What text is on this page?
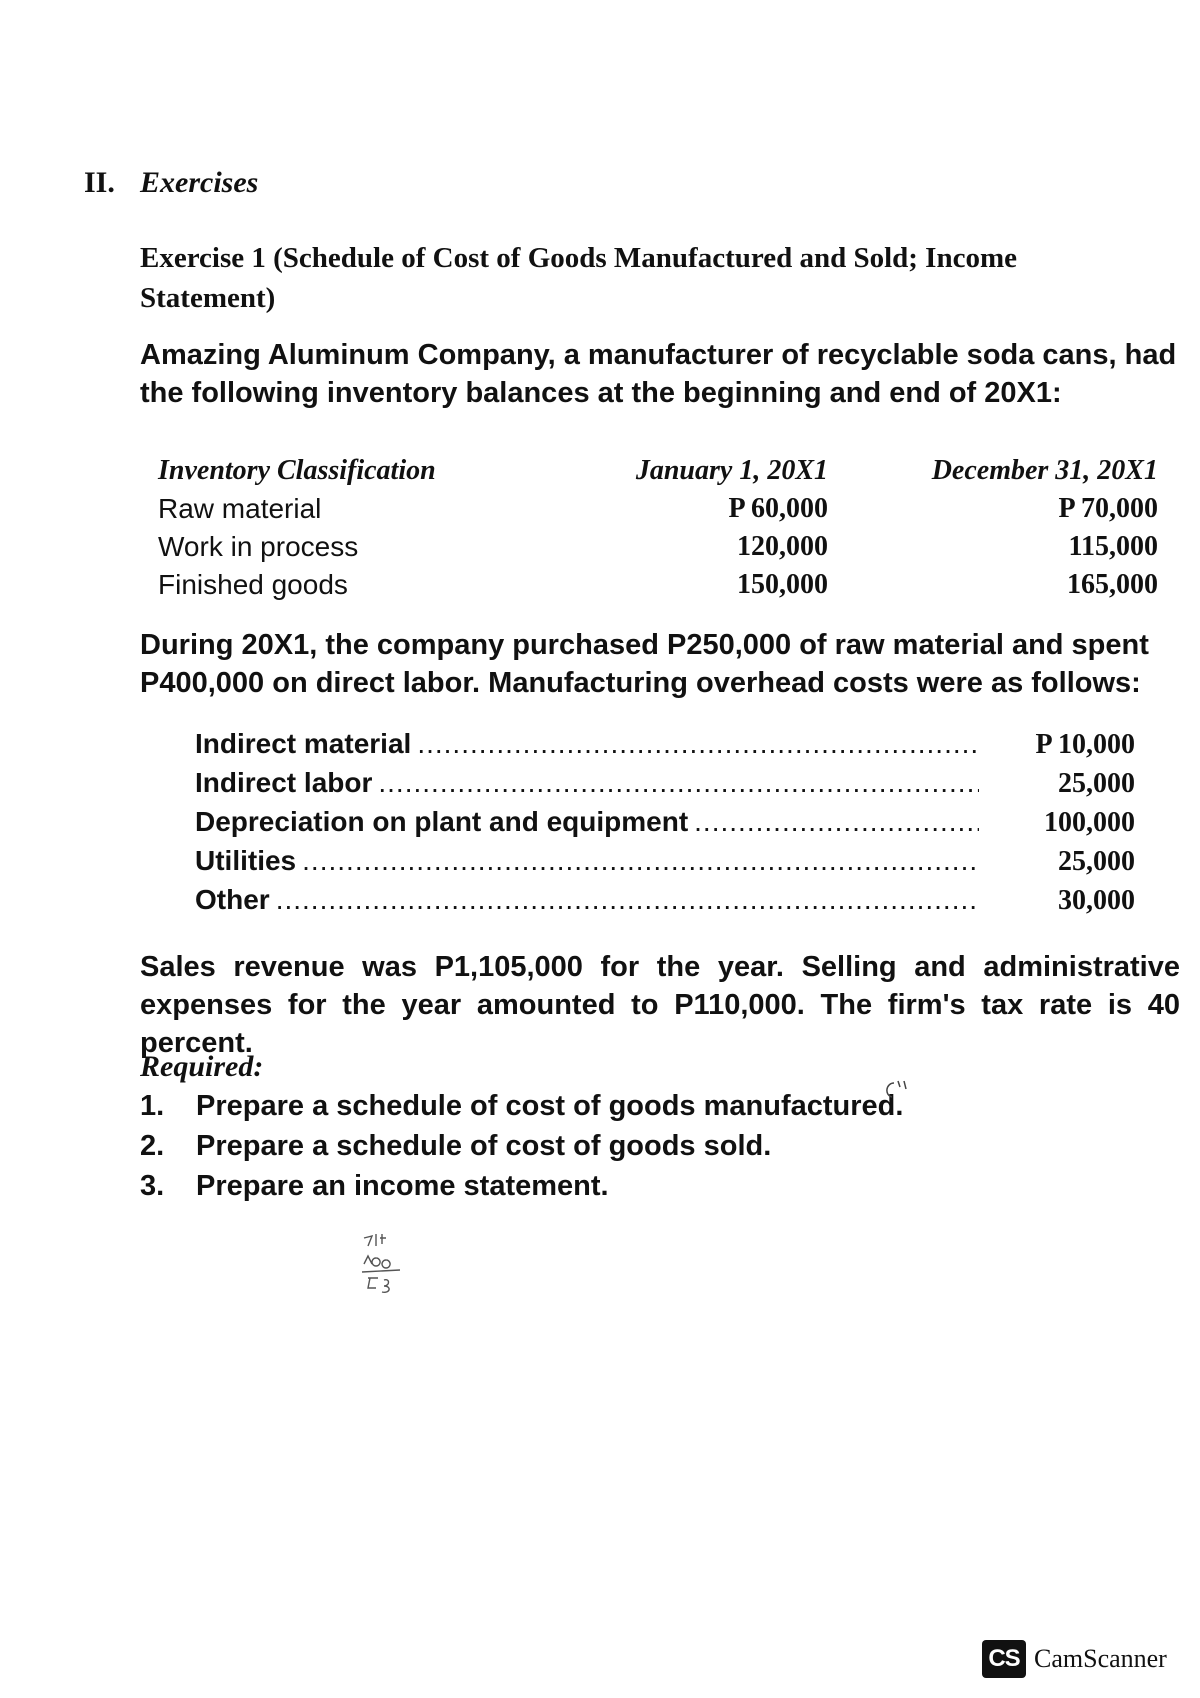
II. Exercises
Exercise 1 (Schedule of Cost of Goods Manufactured and Sold; Income Statement)
Amazing Aluminum Company, a manufacturer of recyclable soda cans, had the following inventory balances at the beginning and end of 20X1:
Inventory Classification	January 1, 20X1	December 31, 20X1
Raw material	P 60,000	P 70,000
Work in process	120,000	115,000
Finished goods	150,000	165,000
During 20X1, the company purchased P250,000 of raw material and spent P400,000 on direct labor. Manufacturing overhead costs were as follows:
Indirect material .....	P 10,000
Indirect labor .....	25,000
Depreciation on plant and equipment .....	100,000
Utilities .....	25,000
Other .....	30,000
Sales revenue was P1,105,000 for the year. Selling and administrative expenses for the year amounted to P110,000. The firm's tax rate is 40 percent.
Required:
1.	Prepare a schedule of cost of goods manufactured.
2.	Prepare a schedule of cost of goods sold.
3.	Prepare an income statement.
CS CamScanner
